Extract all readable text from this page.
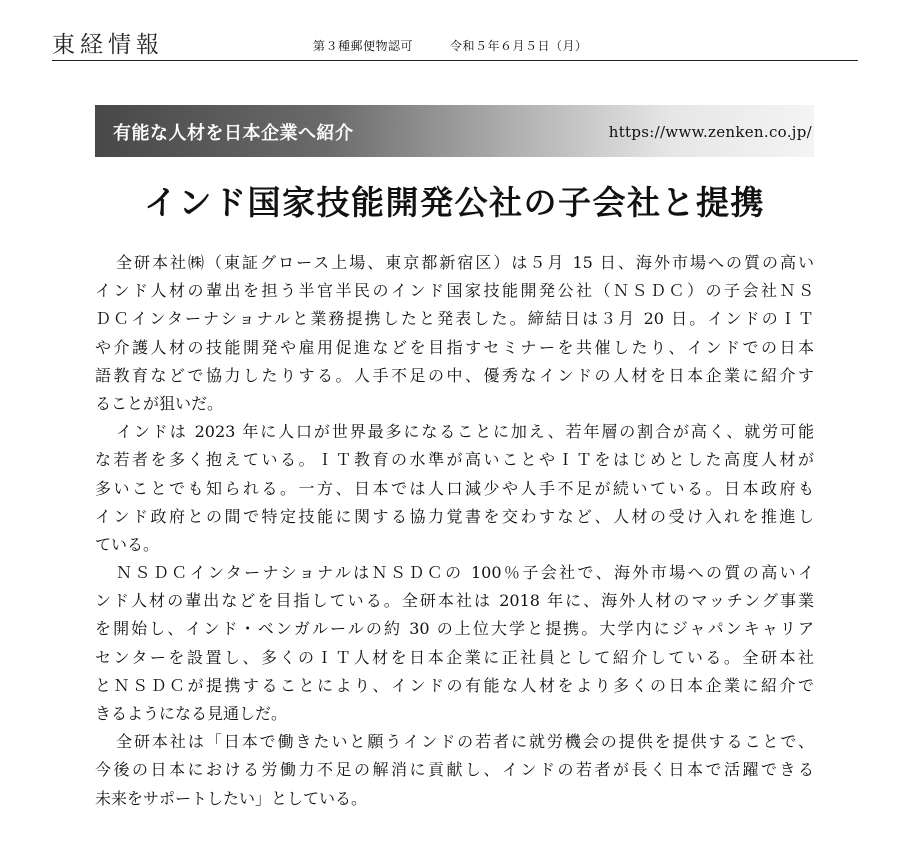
東経情報	第３種郵便物認可	令和５年６月５日（月）
有能な人材を日本企業へ紹介	https://www.zenken.co.jp/
インド国家技能開発公社の子会社と提携
全研本社㈱（東証グロース上場、東京都新宿区）は５月 15 日、海外市場への質の高い
インド人材の輩出を担う半官半民のインド国家技能開発公社（ＮＳＤＣ）の子会社ＮＳ
ＤＣインターナショナルと業務提携したと発表した。締結日は３月 20 日。インドのＩＴ
や介護人材の技能開発や雇用促進などを目指すセミナーを共催したり、インドでの日本
語教育などで協力したりする。人手不足の中、優秀なインドの人材を日本企業に紹介す
ることが狙いだ。
インドは 2023 年に人口が世界最多になることに加え、若年層の割合が高く、就労可能
な若者を多く抱えている。ＩＴ教育の水準が高いことやＩＴをはじめとした高度人材が
多いことでも知られる。一方、日本では人口減少や人手不足が続いている。日本政府も
インド政府との間で特定技能に関する協力覚書を交わすなど、人材の受け入れを推進し
ている。
ＮＳＤＣインターナショナルはＮＳＤＣの 100％子会社で、海外市場への質の高いイ
ンド人材の輩出などを目指している。全研本社は 2018 年に、海外人材のマッチング事業
を開始し、インド・ベンガルールの約 30 の上位大学と提携。大学内にジャパンキャリア
センターを設置し、多くのＩＴ人材を日本企業に正社員として紹介している。全研本社
とＮＳＤＣが提携することにより、インドの有能な人材をより多くの日本企業に紹介で
きるようになる見通しだ。
全研本社は「日本で働きたいと願うインドの若者に就労機会の提供を提供することで、
今後の日本における労働力不足の解消に貢献し、インドの若者が長く日本で活躍できる
未来をサポートしたい」としている。
